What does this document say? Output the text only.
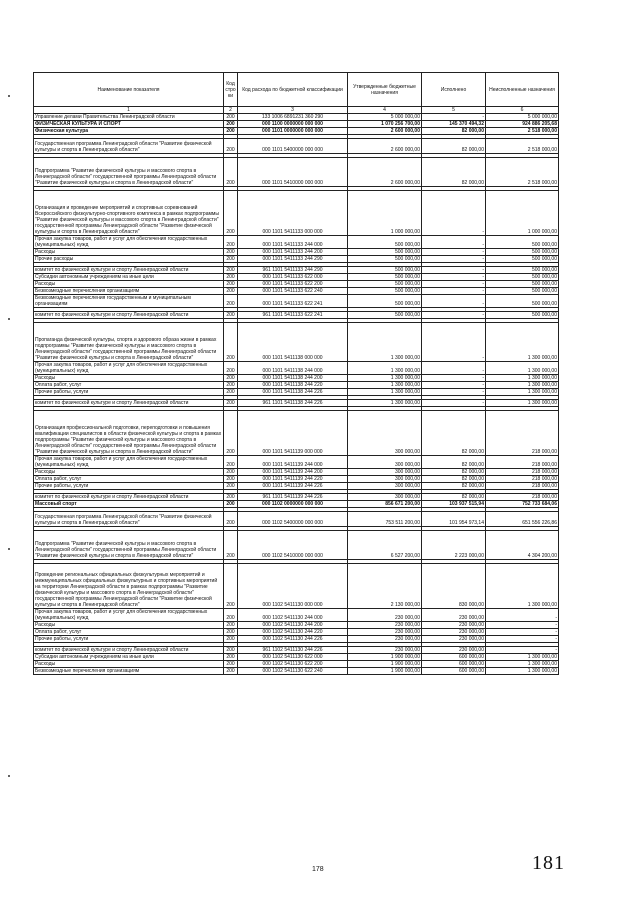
Наименование показателя	Код стро ки	Код расхода по бюджетной классификации	Утвержденные бюджетные назначения	Исполнено	Неисполненные назначения
1	2	3	4	5	6
Управление делами Правительства Ленинградской области	200	133 1006 6891231 360 290	5 000 000,00	-	5 000 000,00
ФИЗИЧЕСКАЯ КУЛЬТУРА И СПОРТ	200	000 1100 0000000 000 000	1 070 256 700,00	145 370 494,32	924 886 205,68
Физическая культура	200	000 1101 0000000 000 000	2 600 000,00	82 000,00	2 518 000,00

Государственная программа Ленинградской области "Развитие физической культуры и спорта в Ленинградской области"	200	000 1101 5400000 000 000	2 600 000,00	82 000,00	2 518 000,00

Подпрограмма "Развитие физической культуры и массового спорта в Ленинградской области" государственной программы Ленинградской области "Развитие физической культуры и спорта в Ленинградской области"	200	000 1101 5410000 000 000	2 600 000,00	82 000,00	2 518 000,00

Организация и проведение мероприятий и спортивных соревнований Всероссийского физкультурно-спортивного комплекса в рамках подпрограммы "Развитие физической культуры и массового спорта в Ленинградской области" государственной программы Ленинградской области "Развитие физической культуры и спорта в Ленинградской области"	200	000 1101 5411133 000 000	1 000 000,00	-	1 000 000,00
Прочая закупка товаров, работ и услуг для обеспечения государственных (муниципальных) нужд	200	000 1101 5411133 244 000	500 000,00	-	500 000,00
Расходы	200	000 1101 5411133 244 200	500 000,00	-	500 000,00
Прочие расходы	200	000 1101 5411133 244 290	500 000,00	-	500 000,00

комитет по физической культуре и спорту Ленинградской области	200	961 1101 5411133 244 290	500 000,00	-	500 000,00
Субсидии автономным учреждениям на иные цели	200	000 1101 5411133 622 000	500 000,00	-	500 000,00
Расходы	200	000 1101 5411133 622 200	500 000,00	-	500 000,00
Безвозмездные перечисления организациям	200	000 1101 5411133 622 240	500 000,00	-	500 000,00
Безвозмездные перечисления государственным и муниципальным организациям	200	000 1101 5411133 622 241	500 000,00	-	500 000,00

комитет по физической культуре и спорту Ленинградской области	200	961 1101 5411133 622 241	500 000,00	-	500 000,00

Пропаганда физической культуры, спорта и здорового образа жизни в рамках подпрограммы "Развитие физической культуры и массового спорта в Ленинградской области" государственной программы Ленинградской области "Развитие физической культуры и спорта в Ленинградской области"	200	000 1101 5411138 000 000	1 300 000,00	-	1 300 000,00
Прочая закупка товаров, работ и услуг для обеспечения государственных (муниципальных) нужд	200	000 1101 5411138 244 000	1 300 000,00	-	1 300 000,00
Расходы	200	000 1101 5411138 244 200	1 300 000,00	-	1 300 000,00
Оплата работ, услуг	200	000 1101 5411138 244 220	1 300 000,00	-	1 300 000,00
Прочие работы, услуги	200	000 1101 5411138 244 226	1 300 000,00	-	1 300 000,00

комитет по физической культуре и спорту Ленинградской области	200	961 1101 5411138 244 226	1 300 000,00	-	1 300 000,00

Организация профессиональной подготовки, переподготовки и повышения квалификации специалистов в области физической культуры и спорта в рамках подпрограммы "Развитие физической культуры и массового спорта в Ленинградской области" государственной программы Ленинградской области "Развитие физической культуры и спорта в Ленинградской области"	200	000 1101 5411139 000 000	300 000,00	82 000,00	218 000,00
Прочая закупка товаров, работ и услуг для обеспечения государственных (муниципальных) нужд	200	000 1101 5411139 244 000	300 000,00	82 000,00	218 000,00
Расходы	200	000 1101 5411139 244 200	300 000,00	82 000,00	218 000,00
Оплата работ, услуг	200	000 1101 5411139 244 220	300 000,00	82 000,00	218 000,00
Прочие работы, услуги	200	000 1101 5411139 244 226	300 000,00	82 000,00	218 000,00

комитет по физической культуре и спорту Ленинградской области	200	961 1101 5411139 244 226	300 000,00	82 000,00	218 000,00
Массовый спорт	200	000 1102 0000000 000 000	856 671 200,00	103 937 515,94	752 733 684,06

Государственная программа Ленинградской области "Развитие физической культуры и спорта в Ленинградской области"	200	000 1102 5400000 000 000	753 511 200,00	101 954 973,14	651 556 226,86

Подпрограмма "Развитие физической культуры и массового спорта в Ленинградской области" государственной программы Ленинградской области "Развитие физической культуры и спорта в Ленинградской области"	200	000 1102 5410000 000 000	6 527 200,00	2 223 000,00	4 304 200,00

Проведение региональных официальных физкультурных мероприятий и межмуниципальных официальных физкультурных и спортивных мероприятий на территории Ленинградской области в рамках подпрограммы "Развитие физической культуры и массового спорта в Ленинградской области" государственной программы Ленинградской области "Развитие физической культуры и спорта в Ленинградской области"	200	000 1102 5411130 000 000	2 130 000,00	830 000,00	1 300 000,00
Прочая закупка товаров, работ и услуг для обеспечения государственных (муниципальных) нужд	200	000 1102 5411130 244 000	230 000,00	230 000,00	-
Расходы	200	000 1102 5411130 244 200	230 000,00	230 000,00	-
Оплата работ, услуг	200	000 1102 5411130 244 220	230 000,00	230 000,00	-
Прочие работы, услуги	200	000 1102 5411130 244 226	230 000,00	230 000,00	-

комитет по физической культуре и спорту Ленинградской области	200	961 1102 5411130 244 226	230 000,00	230 000,00	-
Субсидии автономным учреждениям на иные цели	200	000 1102 5411130 622 000	1 900 000,00	600 000,00	1 300 000,00
Расходы	200	000 1102 5411130 622 200	1 900 000,00	600 000,00	1 300 000,00
Безвозмездные перечисления организациям	200	000 1102 5411130 622 240	1 900 000,00	600 000,00	1 300 000,00
178	181
